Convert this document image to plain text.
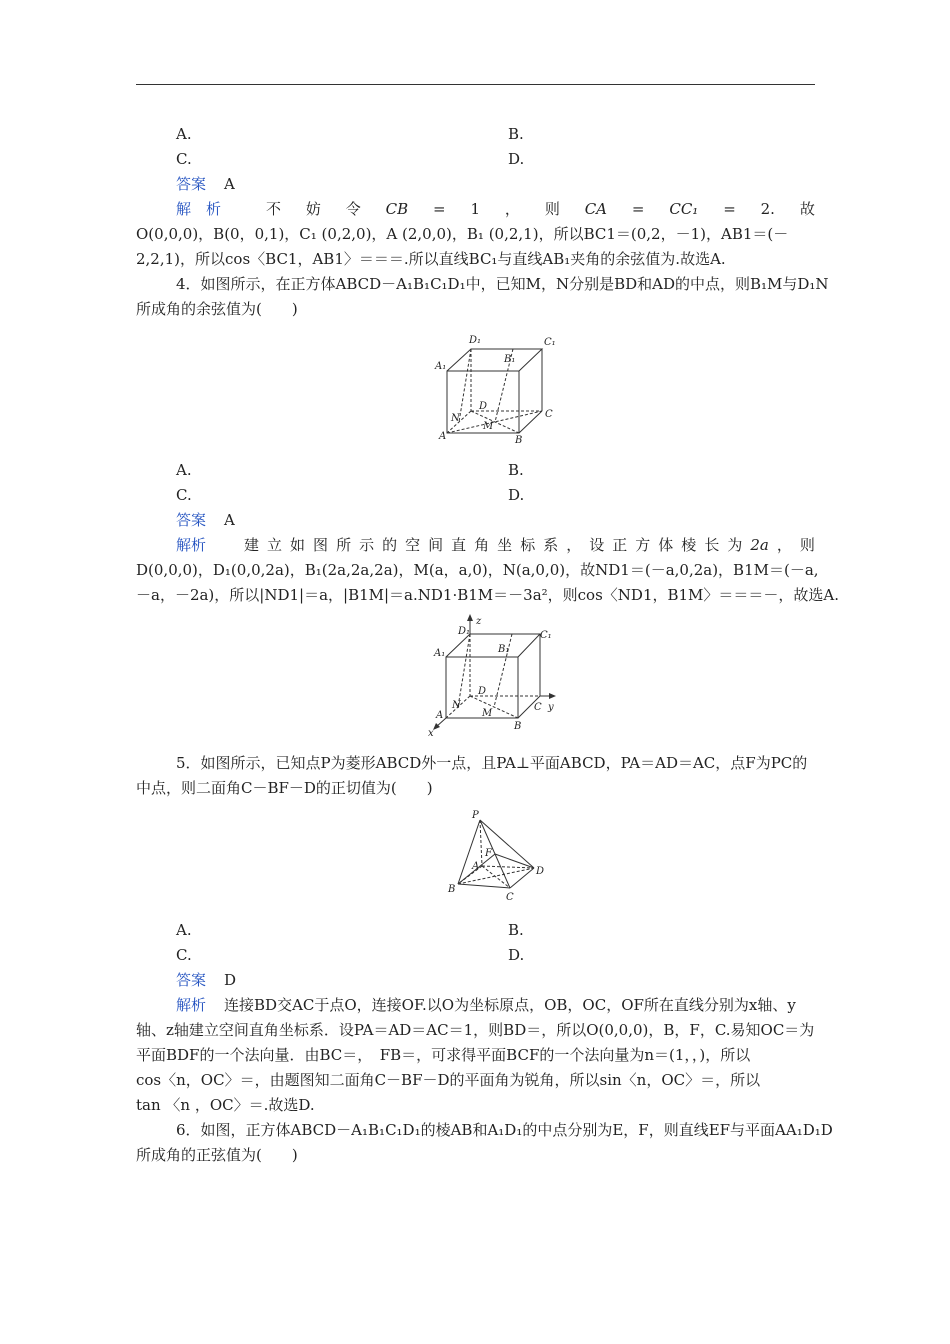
A.	B.
C.	D.
答案 A
解　析	不 妨 令 CB = 1 ， 则 CA = CC₁ = 2. 故
O(0,0,0)，B(0，0,1)，C₁ (0,2,0)，A (2,0,0)，B₁ (0,2,1)，所以BC1＝(0,2，－1)，AB1＝(－
2,2,1)，所以cos〈BC1，AB1〉＝＝＝.所以直线BC₁与直线AB₁夹角的余弦值为.故选A.
4．如图所示，在正方体ABCD－A₁B₁C₁D₁中，已知M，N分别是BD和AD的中点，则B₁M与D₁N
所成角的余弦值为(　　)
D₁
B₁
C₁
A₁
D
C
N
M
A	B
A.	B.
C.	D.
答案 A
解析	建 立 如 图 所 示 的 空 间 直 角 坐 标 系 ， 设 正 方 体 棱 长 为 2a ， 则
D(0,0,0)，D₁(0,0,2a)，B₁(2a,2a,2a)，M(a，a,0)，N(a,0,0)，故ND1＝(－a,0,2a)，B1M＝(－a,
－a，－2a)，所以|ND1|＝a，|B1M|＝a.ND1·B1M＝－3a²，则cos〈ND1，B1M〉＝＝＝－，故选A.
D₁
z
C₁
A₁	B₁
D
C y
A
N
M
B
x
5．如图所示，已知点P为菱形ABCD外一点，且PA⊥平面ABCD，PA＝AD＝AC，点F为PC的
中点，则二面角C－BF－D的正切值为(　　)
P
F
A	D
B
C
A.	B.
C.	D.
答案 D
解析 连接BD交AC于点O，连接OF.以O为坐标原点，OB，OC，OF所在直线分别为x轴、y
轴、z轴建立空间直角坐标系．设PA＝AD＝AC＝1，则BD＝，所以O(0,0,0)，B，F，C.易知OC＝为
平面BDF的一个法向量．由BC＝，　FB＝，可求得平面BCF的一个法向量为n＝(1，，)，所以
cos〈n，OC〉＝，由题图知二面角C－BF－D的平面角为锐角，所以sin〈n，OC〉＝，所以
tan 〈n ，OC〉＝.故选D.
6．如图，正方体ABCD－A₁B₁C₁D₁的棱AB和A₁D₁的中点分别为E，F，则直线EF与平面AA₁D₁D
所成角的正弦值为(　　)
